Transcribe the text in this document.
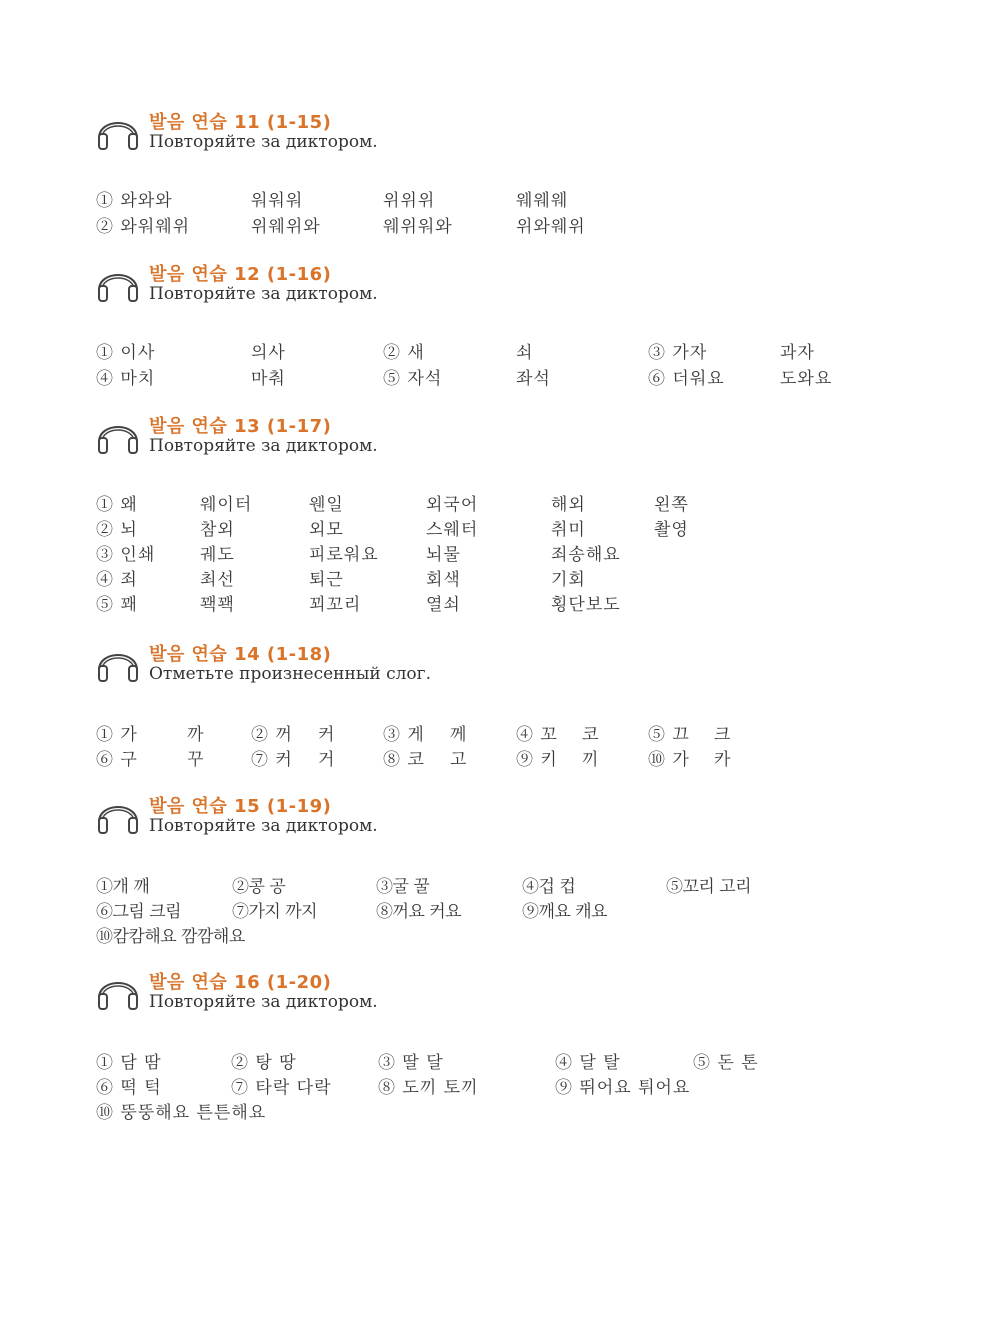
발음 연습 11 (1-15)
Повторяйте за диктором.
① 와와와	워워워	위위위	웨웨웨
② 와워웨위	위웨위와	웨위워와	위와웨위
발음 연습 12 (1-16)
Повторяйте за диктором.
① 이사	의사	② 새	쇠	③ 가자	과자
④ 마치	마춰	⑤ 자석	좌석	⑥ 더워요	도와요
발음 연습 13 (1-17)
Повторяйте за диктором.
① 왜	웨이터	웬일	외국어	해외	왼쪽
② 뇌	참외	외모	스웨터	취미	촬영
③ 인쇄	궤도	피로워요	뇌물	죄송해요
④ 죄	최선	퇴근	회색	기회
⑤ 꽤	꽥꽥	꾀꼬리	열쇠	횡단보도
발음 연습 14 (1-18)
Отметьте произнесенный слог.
① 가	까	② 꺼 커	③ 게 께	④ 꼬 코	⑤ 끄 크
⑥ 구	꾸	⑦ 커 거	⑧ 코 고	⑨ 키 끼	⑩ 가 카
발음 연습 15 (1-19)
Повторяйте за диктором.
①개 깨	②콩 공	③굴 꿀	④겁 컵	⑤꼬리 고리
⑥그림 크림	⑦가지 까지	⑧꺼요 커요	⑨깨요 캐요
⑩캄캄해요 깜깜해요
발음 연습 16 (1-20)
Повторяйте за диктором.
① 담 땀	② 탕 땅	③ 딸 달	④ 달 탈	⑤ 돈 톤
⑥ 떡 턱	⑦ 타락 다락	⑧ 도끼 토끼	⑨ 뛰어요 튀어요
⑩ 뚱뚱해요 튼튼해요
